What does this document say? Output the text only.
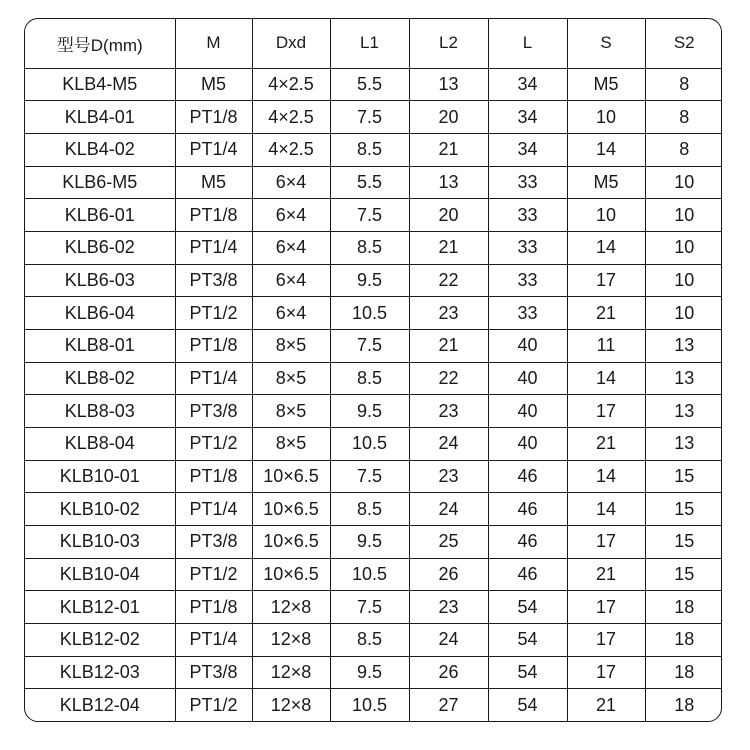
型号D(mm)	M	Dxd	L1	L2	L	S	S2
KLB4-M5	M5	4×2.5	5.5	13	34	M5	8
KLB4-01	PT1/8	4×2.5	7.5	20	34	10	8
KLB4-02	PT1/4	4×2.5	8.5	21	34	14	8
KLB6-M5	M5	6×4	5.5	13	33	M5	10
KLB6-01	PT1/8	6×4	7.5	20	33	10	10
KLB6-02	PT1/4	6×4	8.5	21	33	14	10
KLB6-03	PT3/8	6×4	9.5	22	33	17	10
KLB6-04	PT1/2	6×4	10.5	23	33	21	10
KLB8-01	PT1/8	8×5	7.5	21	40	11	13
KLB8-02	PT1/4	8×5	8.5	22	40	14	13
KLB8-03	PT3/8	8×5	9.5	23	40	17	13
KLB8-04	PT1/2	8×5	10.5	24	40	21	13
KLB10-01	PT1/8	10×6.5	7.5	23	46	14	15
KLB10-02	PT1/4	10×6.5	8.5	24	46	14	15
KLB10-03	PT3/8	10×6.5	9.5	25	46	17	15
KLB10-04	PT1/2	10×6.5	10.5	26	46	21	15
KLB12-01	PT1/8	12×8	7.5	23	54	17	18
KLB12-02	PT1/4	12×8	8.5	24	54	17	18
KLB12-03	PT3/8	12×8	9.5	26	54	17	18
KLB12-04	PT1/2	12×8	10.5	27	54	21	18
